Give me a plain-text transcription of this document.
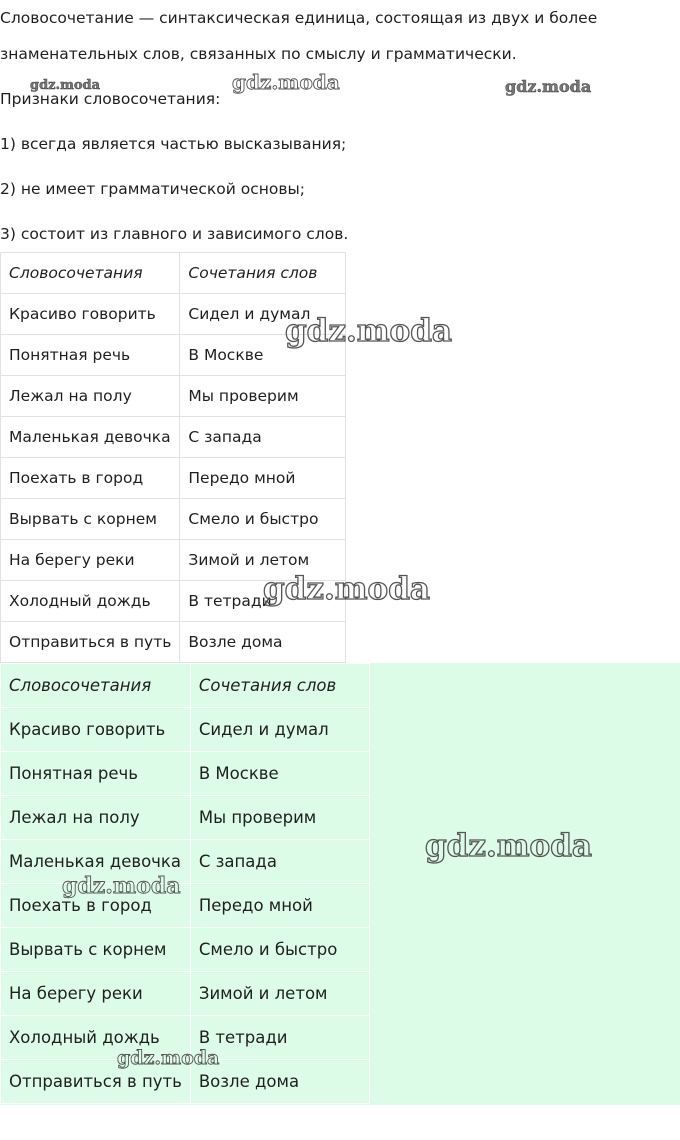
Словосочетание — синтаксическая единица, состоящая из двух и более

знаменательных слов, связанных по смыслу и грамматически.

Признаки словосочетания:

1) всегда является частью высказывания;

2) не имеет грамматической основы;

3) состоит из главного и зависимого слов.

Словосочетания	Сочетания слов
Красиво говорить	Сидел и думал
Понятная речь	В Москве
Лежал на полу	Мы проверим
Маленькая девочка	С запада
Поехать в город	Передо мной
Вырвать с корнем	Смело и быстро
На берегу реки	Зимой и летом
Холодный дождь	В тетради
Отправиться в путь	Возле дома
Словосочетания	Сочетания слов
Красиво говорить	Сидел и думал
Понятная речь	В Москве
Лежал на полу	Мы проверим
Маленькая девочка	С запада
Поехать в город	Передо мной
Вырвать с корнем	Смело и быстро
На берегу реки	Зимой и летом
Холодный дождь	В тетради
Отправиться в путь	Возле дома
gdz.moda	gdz.moda	gdz.moda
gdz.moda
gdz.moda
